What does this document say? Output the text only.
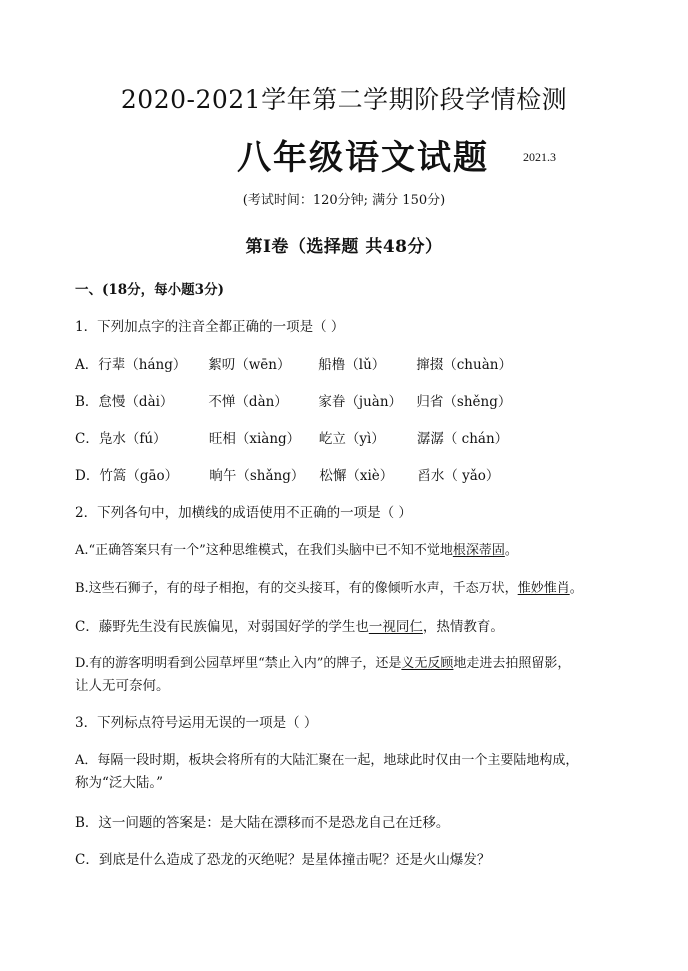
2020-2021学年第二学期阶段学情检测
八年级语文试题	2021.3
(考试时间：120分钟; 满分 150分)
第Ⅰ卷（选择题 共48分）
一、(18分，每小题3分)
1．下列加点字的注音全都正确的一项是（ ）
A．行辈（háng） 絮叨（wēn） 船橹（lǔ） 撺掇（chuàn）
B．怠慢（dài）	不惮（dàn） 家眷（juàn） 归省（shěng）
C．凫水（fú）	旺相（xiàng） 屹立（yì） 潺潺（ chán）
D．竹篙（gāo） 晌午（shǎng） 松懈（xiè） 舀水（ yǎo）
2．下列各句中，加横线的成语使用不正确的一项是（ ）
A.“正确答案只有一个”这种思维模式，在我们头脑中已不知不觉地根深蒂固。
B.这些石狮子，有的母子相抱，有的交头接耳，有的像倾听水声，千态万状，惟妙惟肖。
C．藤野先生没有民族偏见，对弱国好学的学生也一视同仁，热情教育。
D.有的游客明明看到公园草坪里“禁止入内”的牌子，还是义无反顾地走进去拍照留影，
让人无可奈何。
3．下列标点符号运用无误的一项是（ ）
A．每隔一段时期，板块会将所有的大陆汇聚在一起，地球此时仅由一个主要陆地构成，
称为“泛大陆。”
B．这一问题的答案是：是大陆在漂移而不是恐龙自己在迁移。
C．到底是什么造成了恐龙的灭绝呢？是星体撞击呢？还是火山爆发？
